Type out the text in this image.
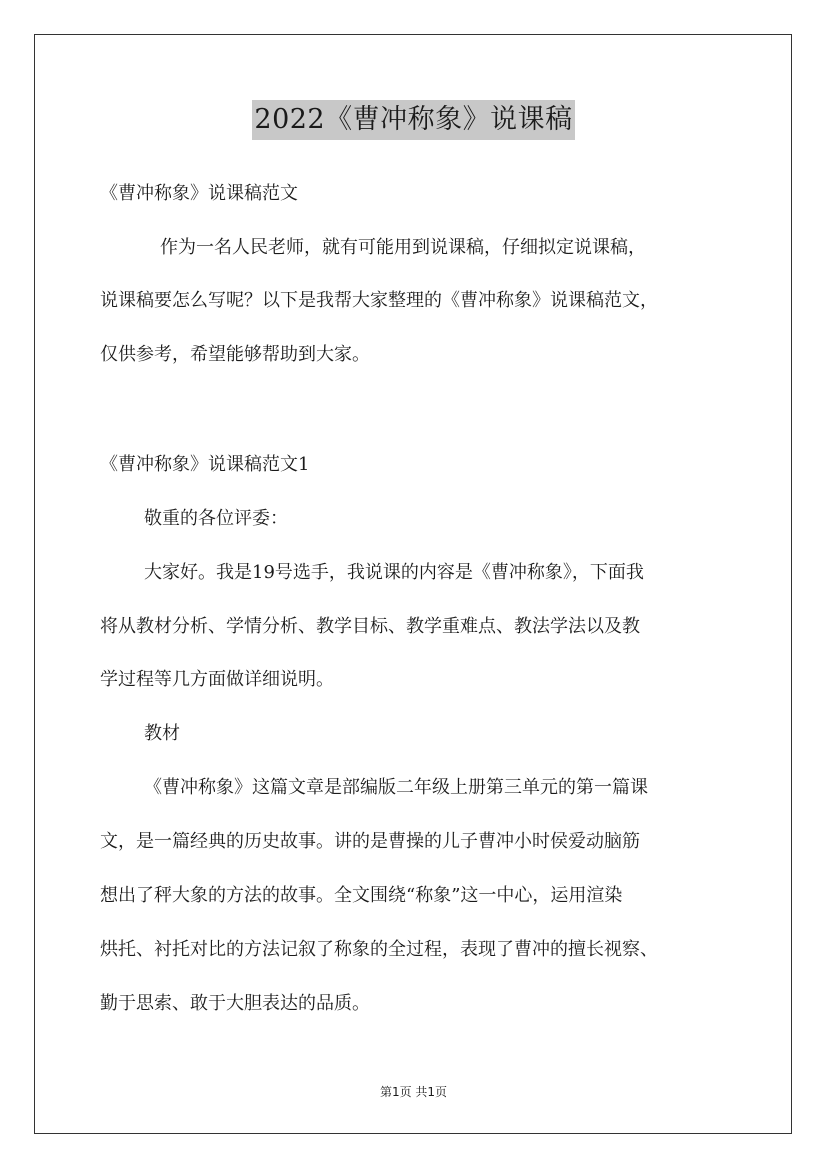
2022《曹冲称象》说课稿
《曹冲称象》说课稿范文
作为一名人民老师，就有可能用到说课稿，仔细拟定说课稿，
说课稿要怎么写呢？以下是我帮大家整理的《曹冲称象》说课稿范文，
仅供参考，希望能够帮助到大家。
《曹冲称象》说课稿范文1
敬重的各位评委：
大家好。我是19号选手，我说课的内容是《曹冲称象》，下面我
将从教材分析、学情分析、教学目标、教学重难点、教法学法以及教
学过程等几方面做详细说明。
教材
《曹冲称象》这篇文章是部编版二年级上册第三单元的第一篇课
文，是一篇经典的历史故事。讲的是曹操的儿子曹冲小时侯爱动脑筋
想出了秤大象的方法的故事。全文围绕“称象”这一中心，运用渲染
烘托、衬托对比的方法记叙了称象的全过程，表现了曹冲的擅长视察、
勤于思索、敢于大胆表达的品质。
第1页 共1页
